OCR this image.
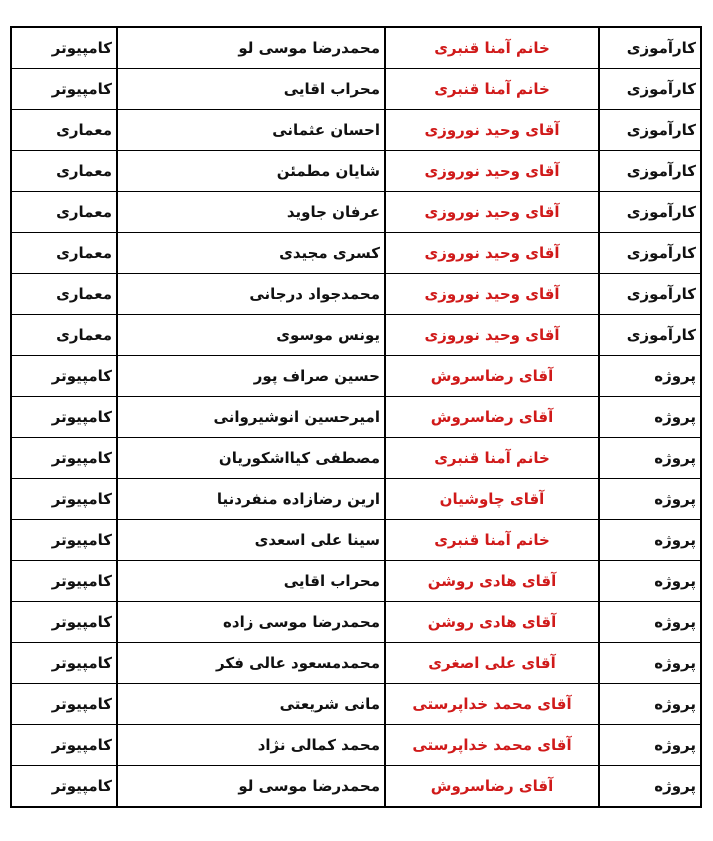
کامپیوتر	محمدرضا موسی لو	خانم آمنا قنبری	کارآموزی
کامپیوتر	محراب اقایی	خانم آمنا قنبری	کارآموزی
معماری	احسان عثمانی	آقای وحید نوروزی	کارآموزی
معماری	شایان مطمئن	آقای وحید نوروزی	کارآموزی
معماری	عرفان جاوید	آقای وحید نوروزی	کارآموزی
معماری	کسری مجیدی	آقای وحید نوروزی	کارآموزی
معماری	محمدجواد درجانی	آقای وحید نوروزی	کارآموزی
معماری	یونس موسوی	آقای وحید نوروزی	کارآموزی
کامپیوتر	حسین صراف پور	آقای رضاسروش	پروژه
کامپیوتر	امیرحسین انوشیروانی	آقای رضاسروش	پروژه
کامپیوتر	مصطفی کیااشکوریان	خانم آمنا قنبری	پروژه
کامپیوتر	ارین رضازاده منفردنیا	آقای چاوشیان	پروژه
کامپیوتر	سینا علی اسعدی	خانم آمنا قنبری	پروژه
کامپیوتر	محراب اقایی	آقای هادی روشن	پروژه
کامپیوتر	محمدرضا موسی زاده	آقای هادی روشن	پروژه
کامپیوتر	محمدمسعود عالی فکر	آقای علی اصغری	پروژه
کامپیوتر	مانی شریعتی	آقای محمد خداپرستی	پروژه
کامپیوتر	محمد کمالی نژاد	آقای محمد خداپرستی	پروژه
کامپیوتر	محمدرضا موسی لو	آقای رضاسروش	پروژه
